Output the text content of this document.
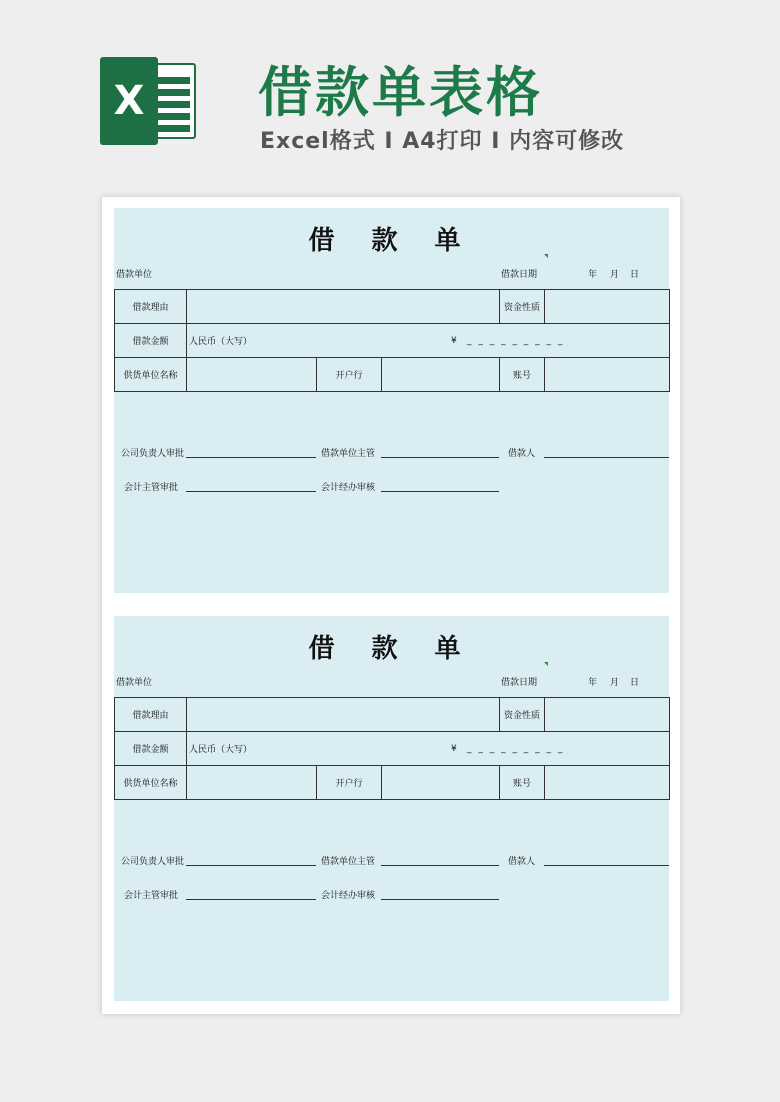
X 借款单表格
Excel格式 I A4打印 I 内容可修改
借 款 单
借款单位	借款日期	年 月 日
借款理由				资金性质	
借款金额	人民币（大写） ¥ _ _ _ _ _ _ _ _ _				

供货单位名称		开户行		账号	
公司负责人审批	借款单位主管	借款人
会计主管审批	会计经办审核
借 款 单
借款单位	借款日期	年 月 日
借款理由				资金性质	
借款金额	人民币（大写） ¥ _ _ _ _ _ _ _ _ _				

供货单位名称		开户行		账号	
公司负责人审批	借款单位主管	借款人
会计主管审批	会计经办审核
